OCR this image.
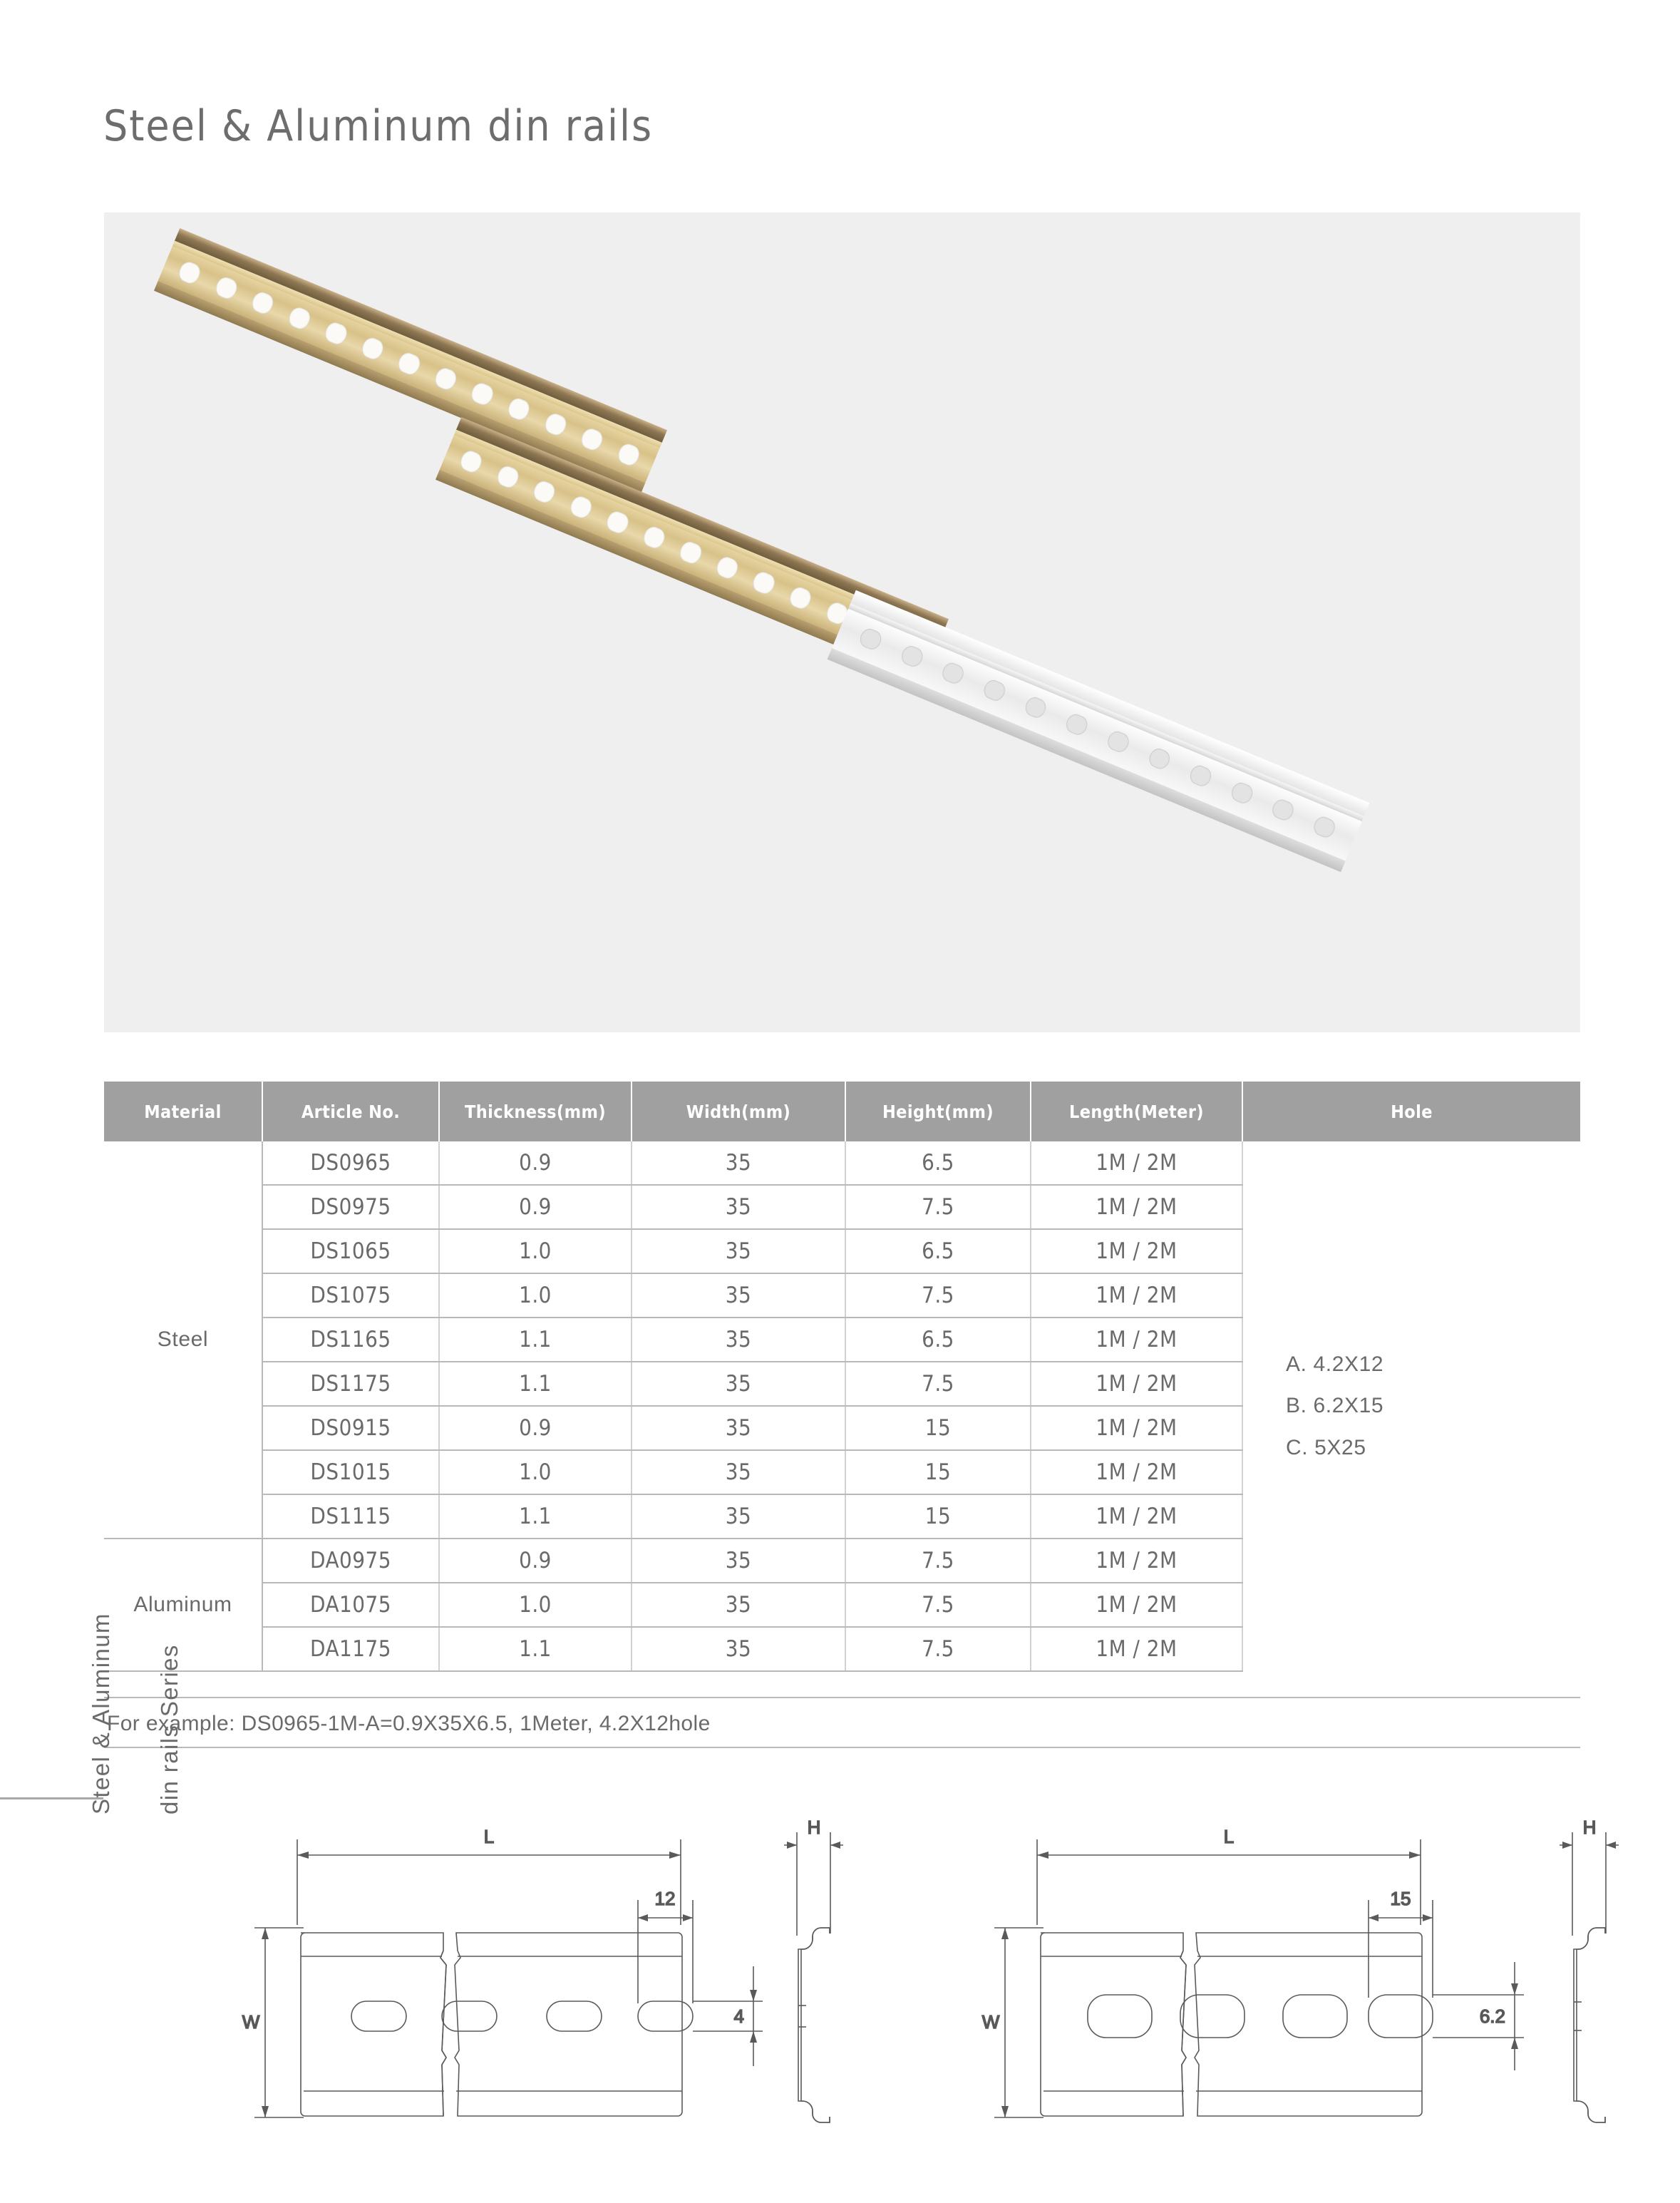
Steel & Aluminum din rails
Material	Article No.	Thickness(mm)	Width(mm)	Height(mm)	Length(Meter)	Hole
Steel	DS0965	0.9	35	6.5	1M / 2M	A. 4.2X12
B. 6.2X15
C. 5X25

	DS0975	0.9	35	7.5	1M / 2M	
	DS1065	1.0	35	6.5	1M / 2M	
	DS1075	1.0	35	7.5	1M / 2M	
	DS1165	1.1	35	6.5	1M / 2M	
	DS1175	1.1	35	7.5	1M / 2M	
	DS0915	0.9	35	15	1M / 2M	
	DS1015	1.0	35	15	1M / 2M	
	DS1115	1.1	35	15	1M / 2M	
Aluminum	DA0975	0.9	35	7.5	1M / 2M	
	DA1075	1.0	35	7.5	1M / 2M	
	DA1175	1.1	35	7.5	1M / 2M	
For example: DS0965-1M-A=0.9X35X6.5, 1Meter, 4.2X12hole
Steel & Aluminum din rails Series
L
W
12
4
H	L
W
15
6.2
H
